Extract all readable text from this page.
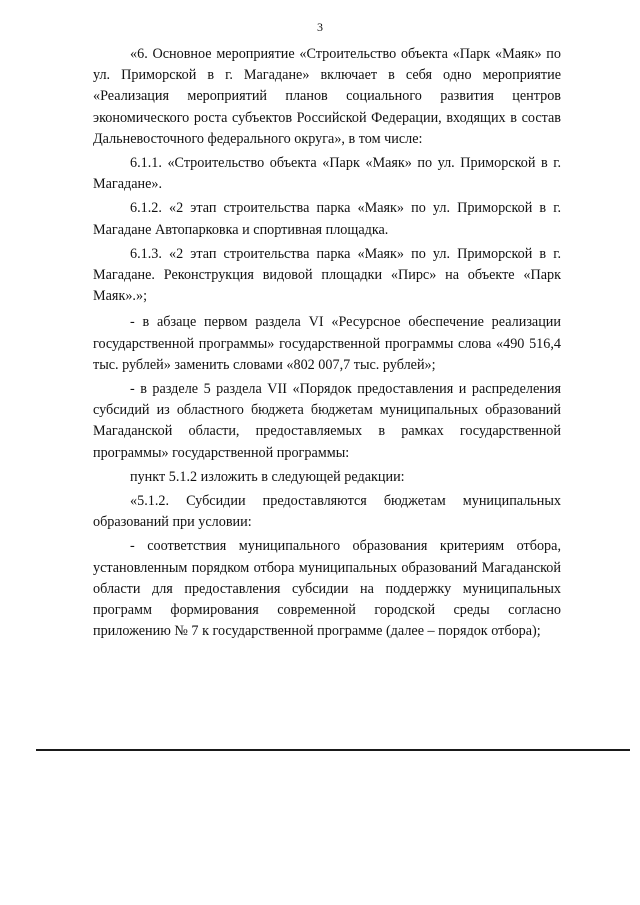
3

«6. Основное мероприятие «Строительство объекта «Парк «Маяк» по ул. Приморской в г. Магадане» включает в себя одно мероприятие «Реализация мероприятий планов социального развития центров экономического роста субъектов Российской Федерации, входящих в состав Дальневосточного федерального округа», в том числе:

6.1.1. «Строительство объекта «Парк «Маяк» по ул. Приморской в г. Магадане».

6.1.2. «2 этап строительства парка «Маяк» по ул. Приморской в г. Магадане Автопарковка и спортивная площадка.

6.1.3. «2 этап строительства парка «Маяк» по ул. Приморской в г. Магадане. Реконструкция видовой площадки «Пирс» на объекте «Парк Маяк».»;

- в абзаце первом раздела VI «Ресурсное обеспечение реализации государственной программы» государственной программы слова «490 516,4 тыс. рублей» заменить словами «802 007,7 тыс. рублей»;

- в разделе 5 раздела VII «Порядок предоставления и распределения субсидий из областного бюджета бюджетам муниципальных образований Магаданской области, предоставляемых в рамках государственной программы» государственной программы:

пункт 5.1.2 изложить в следующей редакции:

«5.1.2. Субсидии предоставляются бюджетам муниципальных образований при условии:

- соответствия муниципального образования критериям отбора, установленным порядком отбора муниципальных образований Магаданской области для предоставления субсидии на поддержку муниципальных программ формирования современной городской среды согласно приложению № 7 к государственной программе (далее – порядок отбора);
